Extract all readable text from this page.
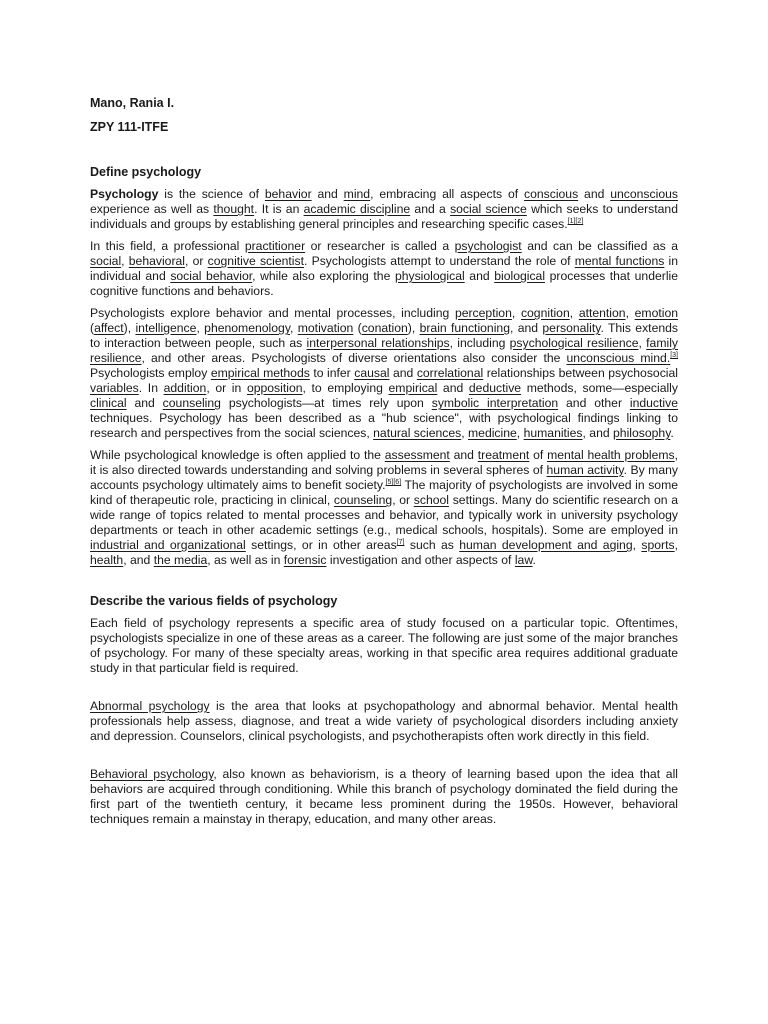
Mano, Rania I.
ZPY 111-ITFE
Define psychology

Psychology is the science of behavior and mind, embracing all aspects of conscious and unconscious experience as well as thought. It is an academic discipline and a social science which seeks to understand individuals and groups by establishing general principles and researching specific cases.[1][2]

In this field, a professional practitioner or researcher is called a psychologist and can be classified as a social, behavioral, or cognitive scientist. Psychologists attempt to understand the role of mental functions in individual and social behavior, while also exploring the physiological and biological processes that underlie cognitive functions and behaviors.

Psychologists explore behavior and mental processes, including perception, cognition, attention, emotion (affect), intelligence, phenomenology, motivation (conation), brain functioning, and personality. This extends to interaction between people, such as interpersonal relationships, including psychological resilience, family resilience, and other areas. Psychologists of diverse orientations also consider the unconscious mind.[3] Psychologists employ empirical methods to infer causal and correlational relationships between psychosocial variables. In addition, or in opposition, to employing empirical and deductive methods, some—especially clinical and counseling psychologists—at times rely upon symbolic interpretation and other inductive techniques. Psychology has been described as a "hub science", with psychological findings linking to research and perspectives from the social sciences, natural sciences, medicine, humanities, and philosophy.

While psychological knowledge is often applied to the assessment and treatment of mental health problems, it is also directed towards understanding and solving problems in several spheres of human activity. By many accounts psychology ultimately aims to benefit society.[5][6] The majority of psychologists are involved in some kind of therapeutic role, practicing in clinical, counseling, or school settings. Many do scientific research on a wide range of topics related to mental processes and behavior, and typically work in university psychology departments or teach in other academic settings (e.g., medical schools, hospitals). Some are employed in industrial and organizational settings, or in other areas[7] such as human development and aging, sports, health, and the media, as well as in forensic investigation and other aspects of law.

Describe the various fields of psychology

Each field of psychology represents a specific area of study focused on a particular topic. Oftentimes, psychologists specialize in one of these areas as a career. The following are just some of the major branches of psychology. For many of these specialty areas, working in that specific area requires additional graduate study in that particular field is required.

Abnormal psychology is the area that looks at psychopathology and abnormal behavior. Mental health professionals help assess, diagnose, and treat a wide variety of psychological disorders including anxiety and depression. Counselors, clinical psychologists, and psychotherapists often work directly in this field.

Behavioral psychology, also known as behaviorism, is a theory of learning based upon the idea that all behaviors are acquired through conditioning. While this branch of psychology dominated the field during the first part of the twentieth century, it became less prominent during the 1950s. However, behavioral techniques remain a mainstay in therapy, education, and many other areas.
